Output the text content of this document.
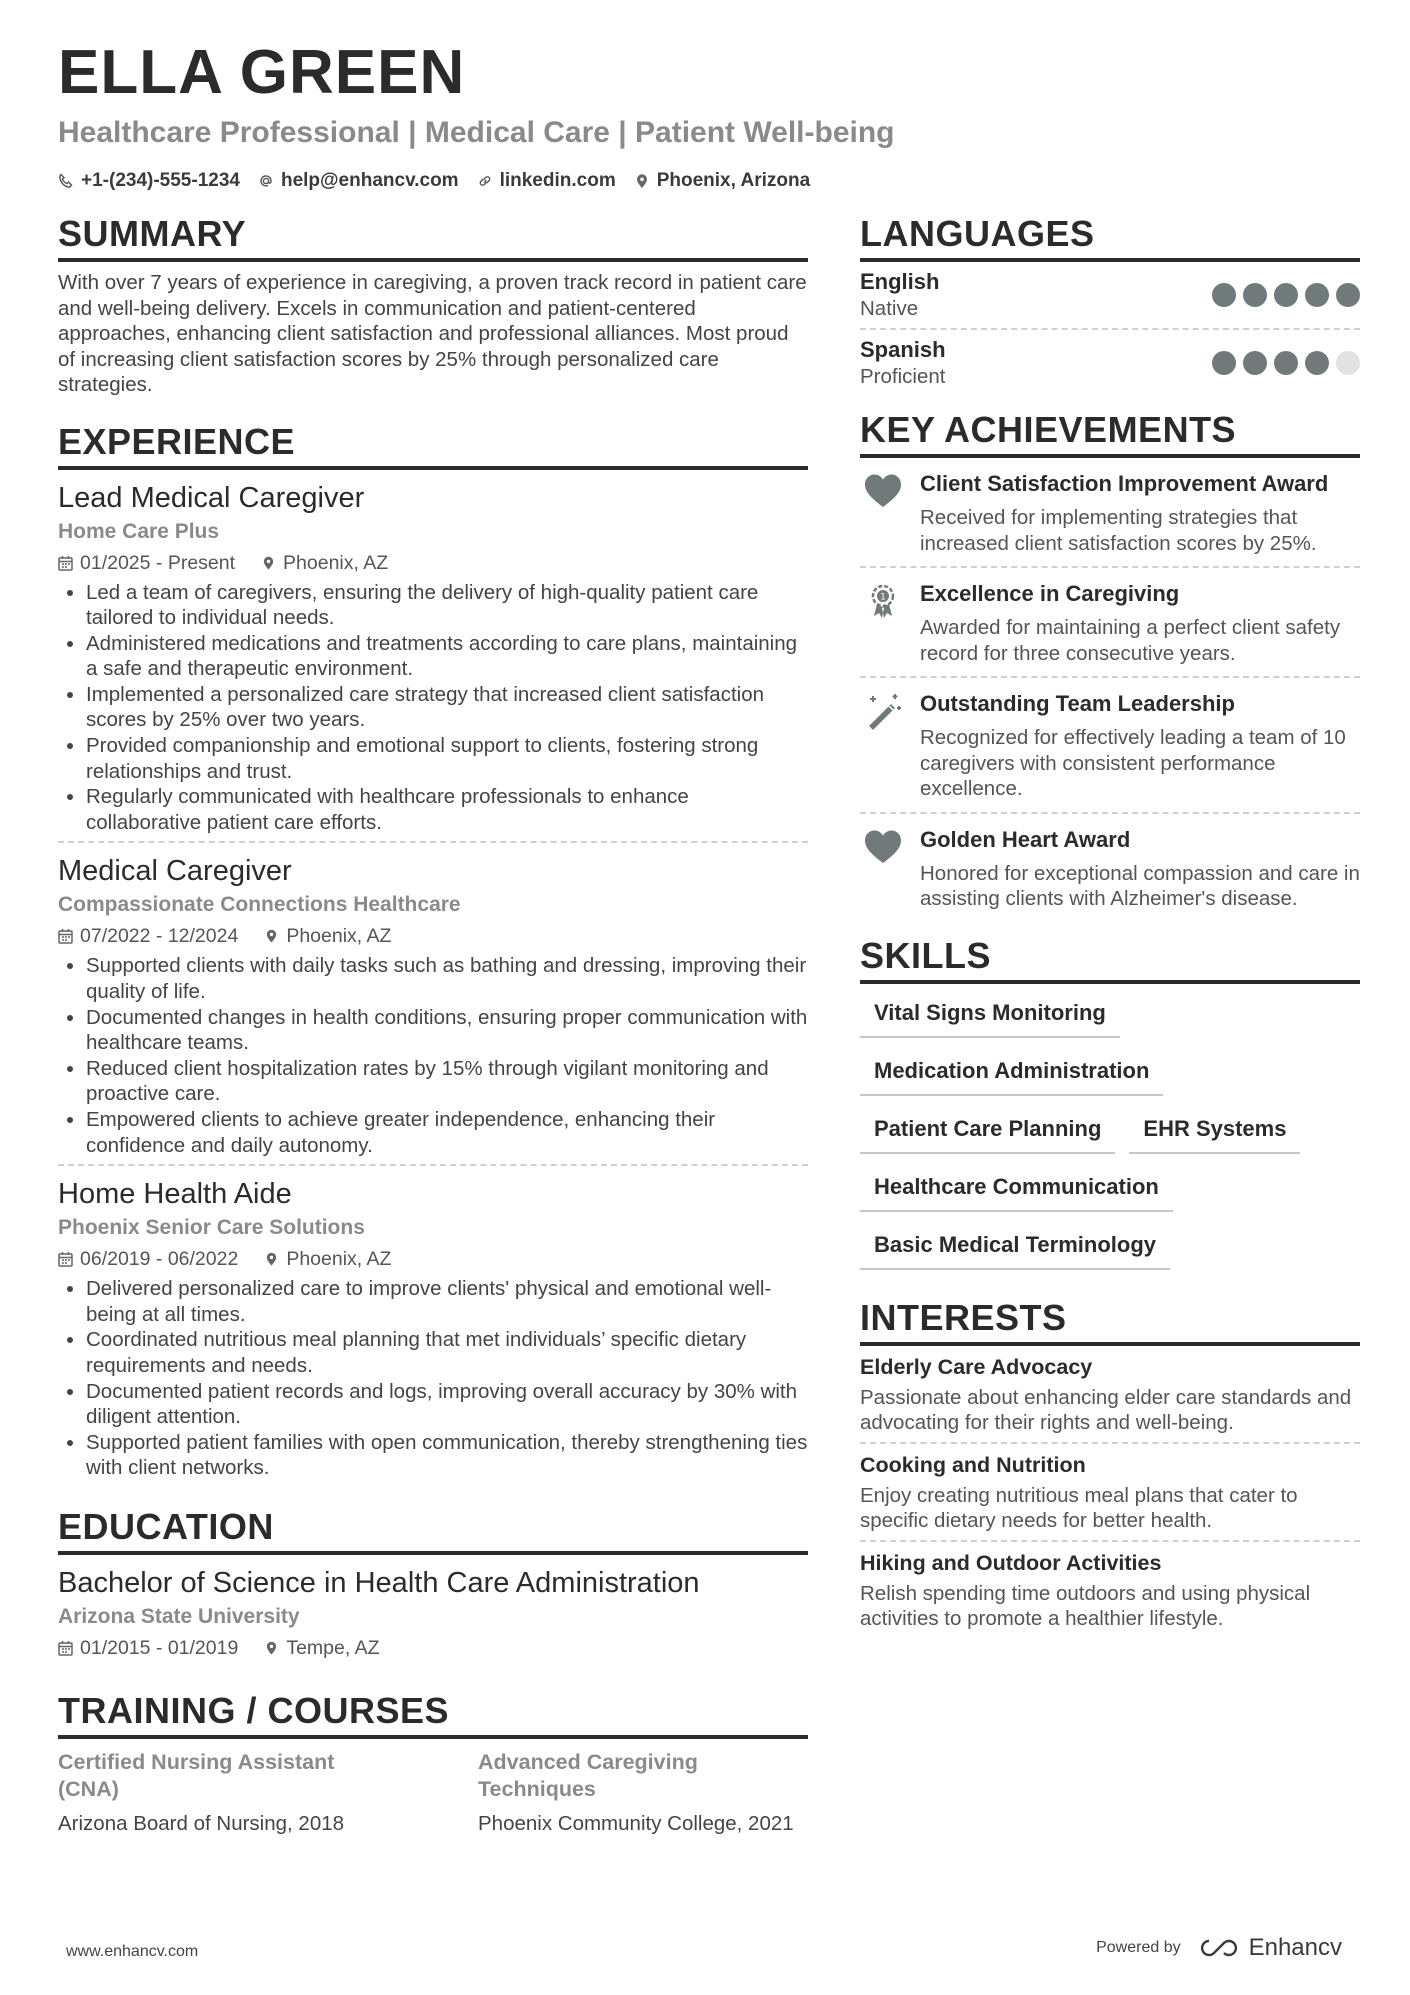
ELLA GREEN
Healthcare Professional | Medical Care | Patient Well-being
+1-(234)-555-1234 help@enhancv.com linkedin.com Phoenix, Arizona
SUMMARY
With over 7 years of experience in caregiving, a proven track record in patient care and well-being delivery. Excels in communication and patient-centered approaches, enhancing client satisfaction and professional alliances. Most proud of increasing client satisfaction scores by 25% through personalized care strategies.
EXPERIENCE
Lead Medical Caregiver
Home Care Plus
01/2025 - Present Phoenix, AZ
• Led a team of caregivers, ensuring the delivery of high-quality patient care tailored to individual needs.
• Administered medications and treatments according to care plans, maintaining a safe and therapeutic environment.
• Implemented a personalized care strategy that increased client satisfaction scores by 25% over two years.
• Provided companionship and emotional support to clients, fostering strong relationships and trust.
• Regularly communicated with healthcare professionals to enhance collaborative patient care efforts.
Medical Caregiver
Compassionate Connections Healthcare
07/2022 - 12/2024 Phoenix, AZ
• Supported clients with daily tasks such as bathing and dressing, improving their quality of life.
• Documented changes in health conditions, ensuring proper communication with healthcare teams.
• Reduced client hospitalization rates by 15% through vigilant monitoring and proactive care.
• Empowered clients to achieve greater independence, enhancing their confidence and daily autonomy.
Home Health Aide
Phoenix Senior Care Solutions
06/2019 - 06/2022 Phoenix, AZ
• Delivered personalized care to improve clients' physical and emotional well-being at all times.
• Coordinated nutritious meal planning that met individuals’ specific dietary requirements and needs.
• Documented patient records and logs, improving overall accuracy by 30% with diligent attention.
• Supported patient families with open communication, thereby strengthening ties with client networks.
EDUCATION
Bachelor of Science in Health Care Administration
Arizona State University
01/2015 - 01/2019 Tempe, AZ
TRAINING / COURSES
Certified Nursing Assistant (CNA)
Arizona Board of Nursing, 2018
Advanced Caregiving Techniques
Phoenix Community College, 2021
LANGUAGES
English
Native
Spanish
Proficient
KEY ACHIEVEMENTS
Client Satisfaction Improvement Award
Received for implementing strategies that increased client satisfaction scores by 25%.
1 Excellence in Caregiving
Awarded for maintaining a perfect client safety record for three consecutive years.
Outstanding Team Leadership
Recognized for effectively leading a team of 10 caregivers with consistent performance excellence.
Golden Heart Award
Honored for exceptional compassion and care in assisting clients with Alzheimer's disease.
SKILLS
Vital Signs Monitoring
Medication Administration
Patient Care Planning	EHR Systems
Healthcare Communication
Basic Medical Terminology
INTERESTS
Elderly Care Advocacy
Passionate about enhancing elder care standards and advocating for their rights and well-being.
Cooking and Nutrition
Enjoy creating nutritious meal plans that cater to specific dietary needs for better health.
Hiking and Outdoor Activities
Relish spending time outdoors and using physical activities to promote a healthier lifestyle.
www.enhancv.com	Powered by	Enhancv
